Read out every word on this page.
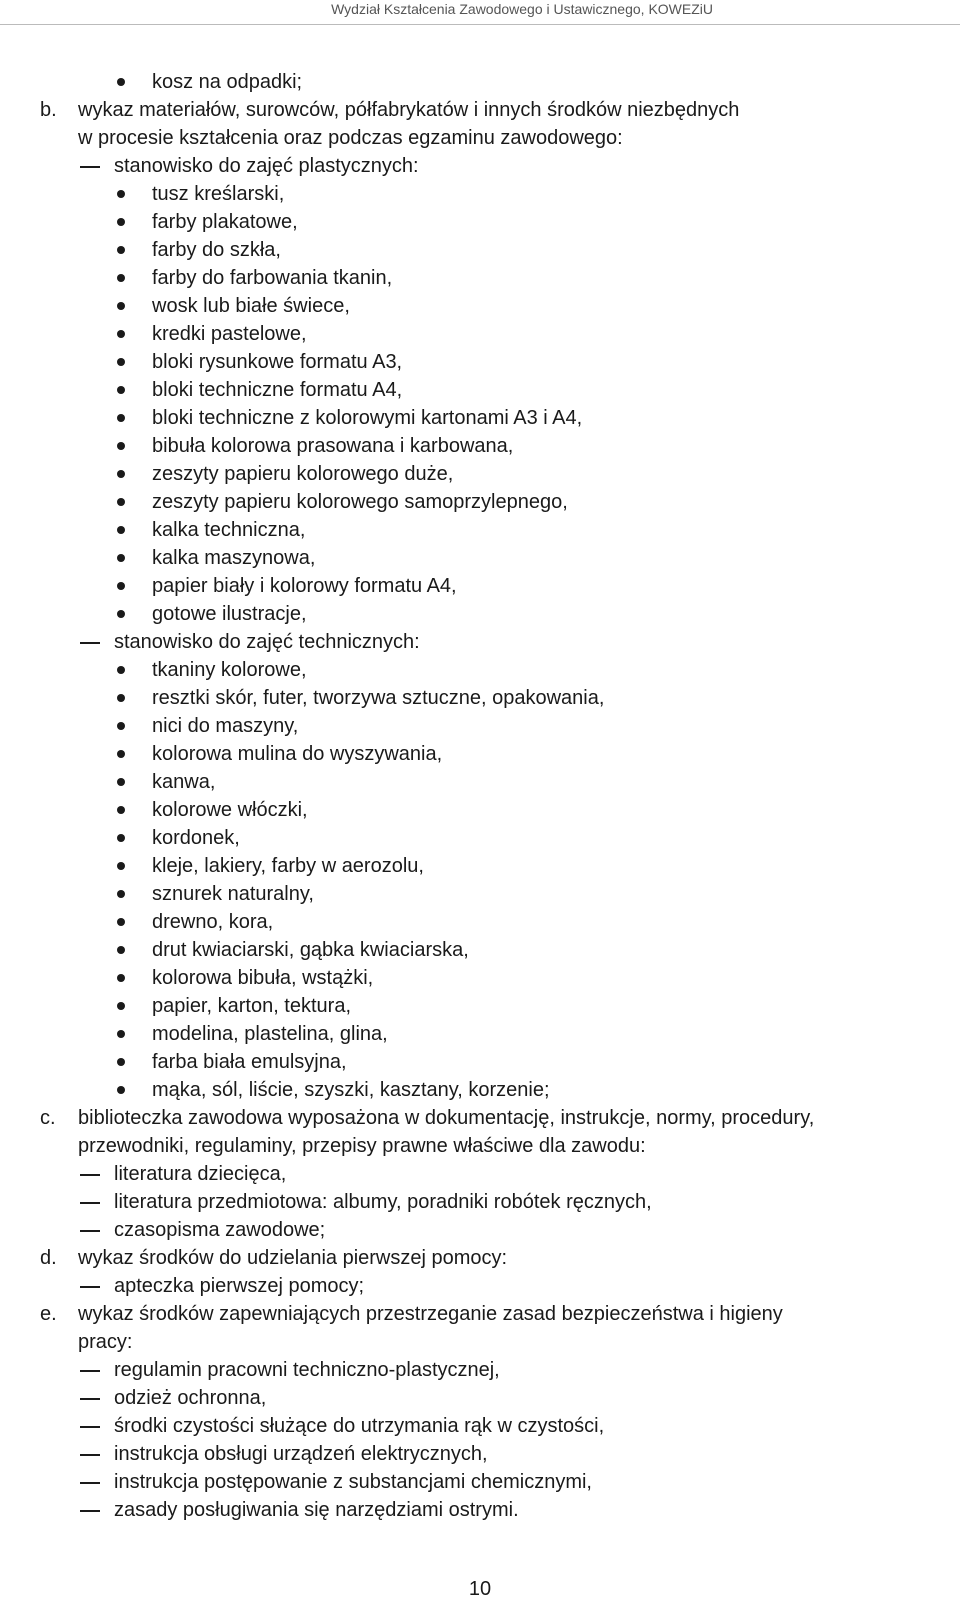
Wydział Kształcenia Zawodowego i Ustawicznego, KOWEZiU
kosz na odpadki;
b. wykaz materiałów, surowców, półfabrykatów i innych środków niezbędnych
w procesie kształcenia oraz podczas egzaminu zawodowego:
stanowisko do zajęć plastycznych:
tusz kreślarski,
farby plakatowe,
farby do szkła,
farby do farbowania tkanin,
wosk lub białe świece,
kredki pastelowe,
bloki rysunkowe formatu A3,
bloki techniczne formatu A4,
bloki techniczne z kolorowymi kartonami A3 i A4,
bibuła kolorowa prasowana i karbowana,
zeszyty papieru kolorowego duże,
zeszyty papieru kolorowego samoprzylepnego,
kalka techniczna,
kalka maszynowa,
papier biały i kolorowy formatu A4,
gotowe ilustracje,
stanowisko do zajęć technicznych:
tkaniny kolorowe,
resztki skór, futer, tworzywa sztuczne, opakowania,
nici do maszyny,
kolorowa mulina do wyszywania,
kanwa,
kolorowe włóczki,
kordonek,
kleje, lakiery, farby w aerozolu,
sznurek naturalny,
drewno, kora,
drut kwiaciarski, gąbka kwiaciarska,
kolorowa bibuła, wstążki,
papier, karton, tektura,
modelina, plastelina, glina,
farba biała emulsyjna,
mąka, sól, liście, szyszki, kasztany, korzenie;
c. biblioteczka zawodowa wyposażona w dokumentację, instrukcje, normy, procedury,
przewodniki, regulaminy, przepisy prawne właściwe dla zawodu:
literatura dziecięca,
literatura przedmiotowa: albumy, poradniki robótek ręcznych,
czasopisma zawodowe;
d. wykaz środków do udzielania pierwszej pomocy:
apteczka pierwszej pomocy;
e. wykaz środków zapewniających przestrzeganie zasad bezpieczeństwa i higieny
pracy:
regulamin pracowni techniczno-plastycznej,
odzież ochronna,
środki czystości służące do utrzymania rąk w czystości,
instrukcja obsługi urządzeń elektrycznych,
instrukcja postępowanie z substancjami chemicznymi,
zasady posługiwania się narzędziami ostrymi.
10
